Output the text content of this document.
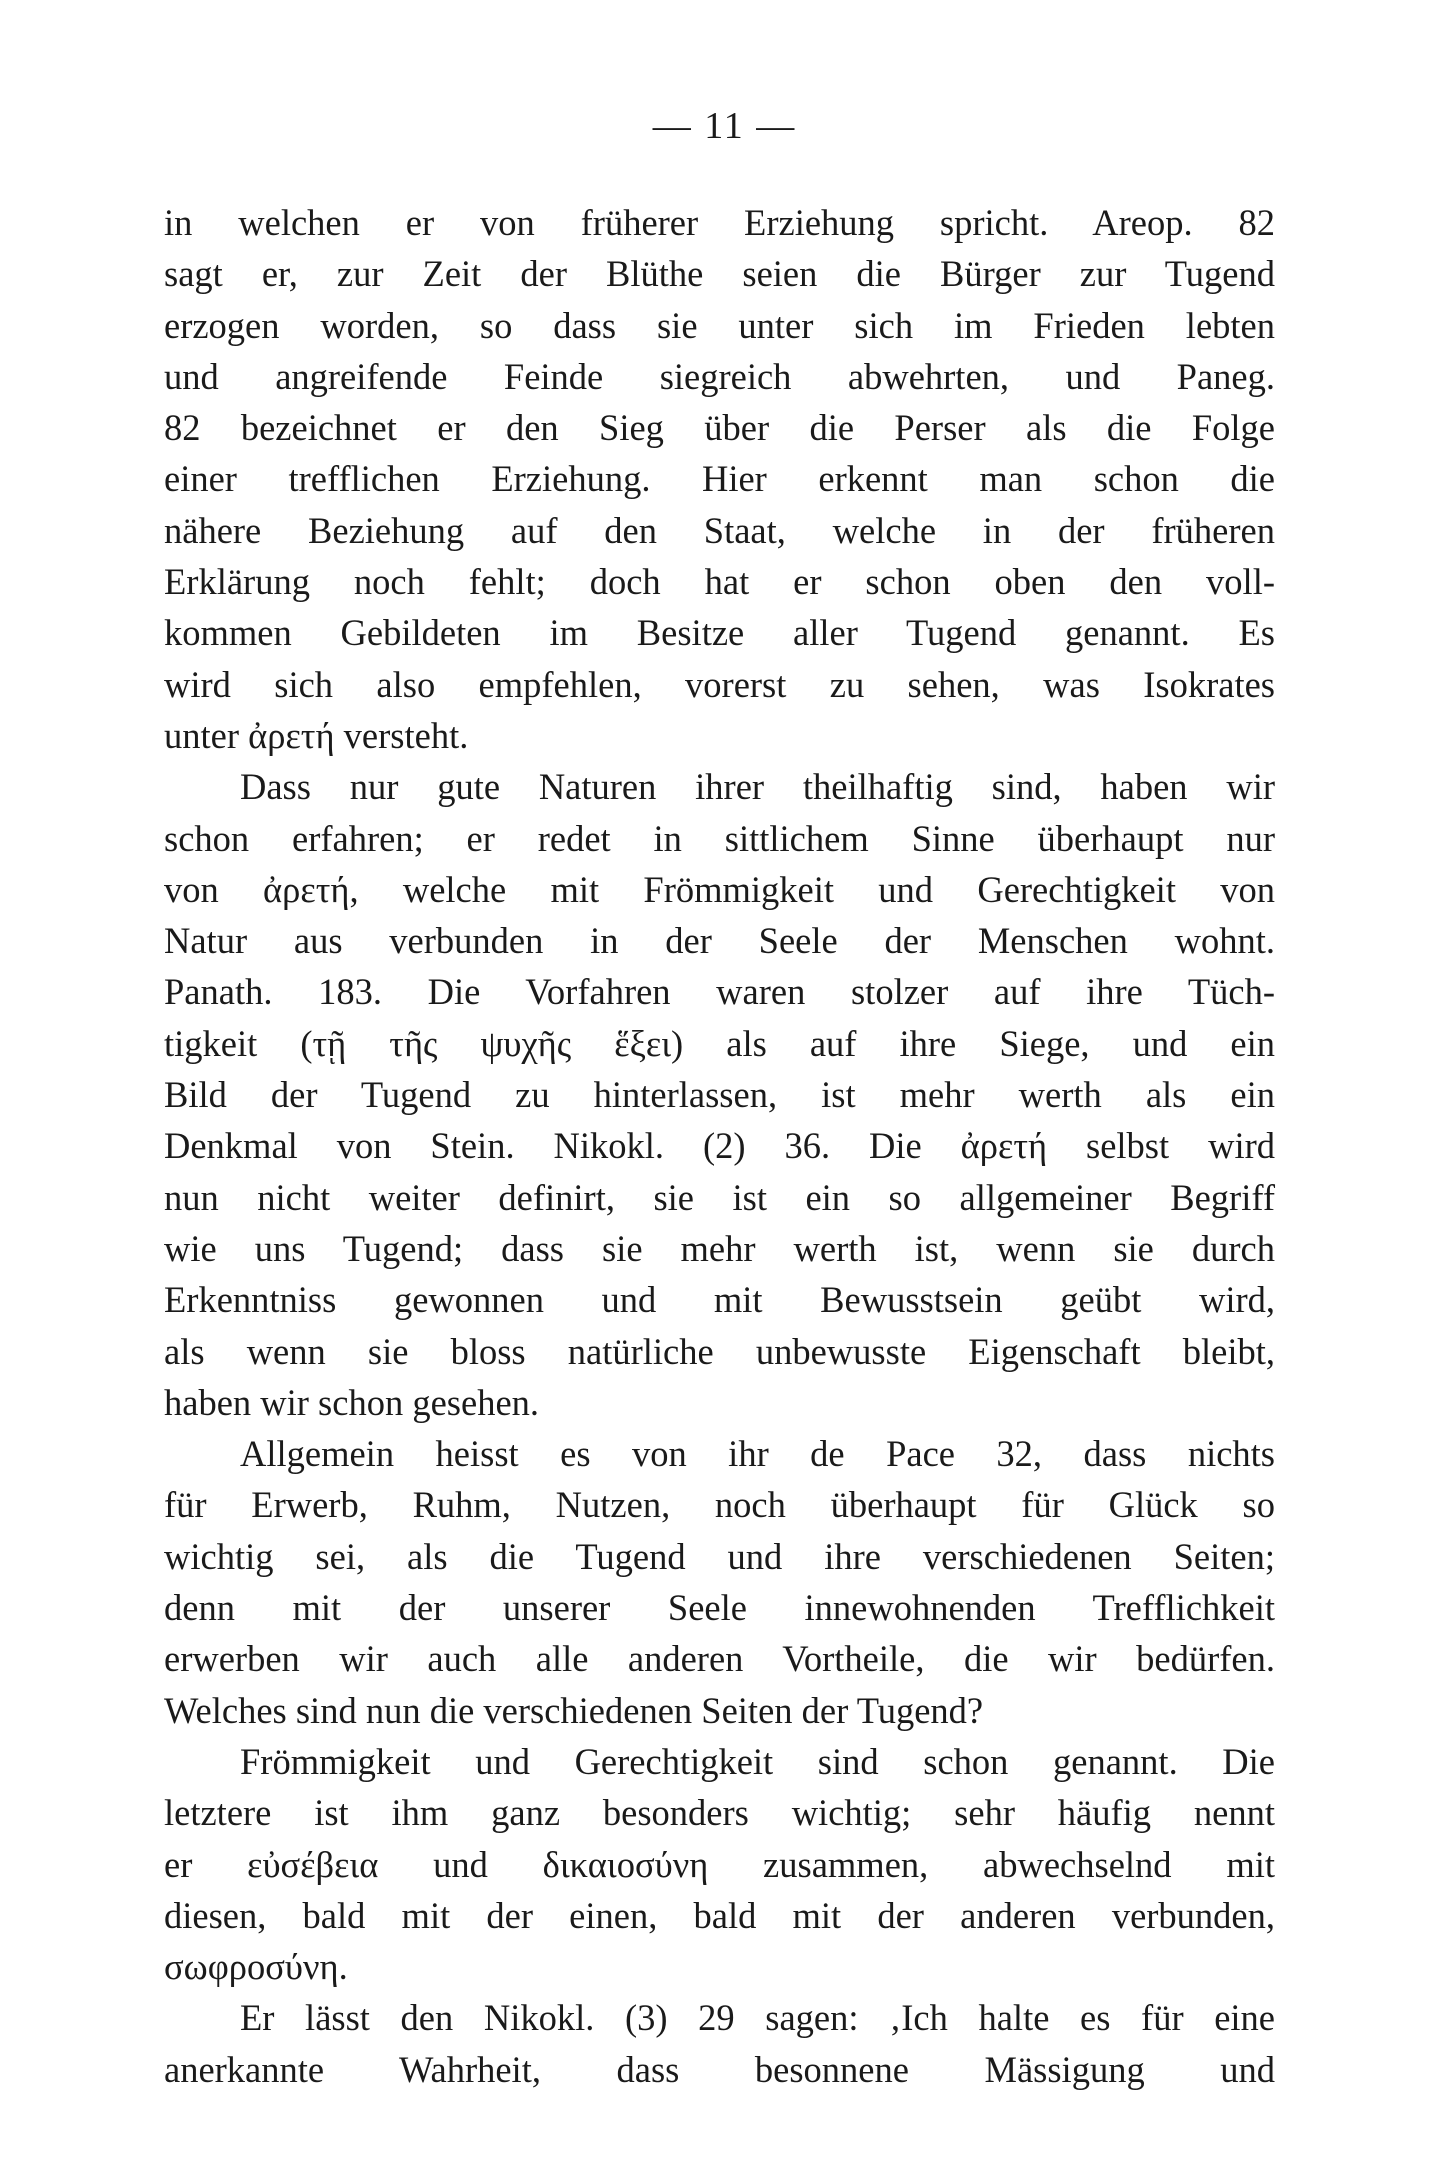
— 11 —
in welchen er von früherer Erziehung spricht. Areop. 82
sagt er, zur Zeit der Blüthe seien die Bürger zur Tugend
erzogen worden, so dass sie unter sich im Frieden lebten
und angreifende Feinde siegreich abwehrten, und Paneg.
82 bezeichnet er den Sieg über die Perser als die Folge
einer trefflichen Erziehung. Hier erkennt man schon die
nähere Beziehung auf den Staat, welche in der früheren
Erklärung noch fehlt; doch hat er schon oben den voll-
kommen Gebildeten im Besitze aller Tugend genannt. Es
wird sich also empfehlen, vorerst zu sehen, was Isokrates
unter ἀρετή versteht.
Dass nur gute Naturen ihrer theilhaftig sind, haben wir
schon erfahren; er redet in sittlichem Sinne überhaupt nur
von ἀρετή, welche mit Frömmigkeit und Gerechtigkeit von
Natur aus verbunden in der Seele der Menschen wohnt.
Panath. 183. Die Vorfahren waren stolzer auf ihre Tüch-
tigkeit (τῇ τῆς ψυχῆς ἕξει) als auf ihre Siege, und ein
Bild der Tugend zu hinterlassen, ist mehr werth als ein
Denkmal von Stein. Nikokl. (2) 36. Die ἀρετή selbst wird
nun nicht weiter definirt, sie ist ein so allgemeiner Begriff
wie uns Tugend; dass sie mehr werth ist, wenn sie durch
Erkenntniss gewonnen und mit Bewusstsein geübt wird,
als wenn sie bloss natürliche unbewusste Eigenschaft bleibt,
haben wir schon gesehen.
Allgemein heisst es von ihr de Pace 32, dass nichts
für Erwerb, Ruhm, Nutzen, noch überhaupt für Glück so
wichtig sei, als die Tugend und ihre verschiedenen Seiten;
denn mit der unserer Seele innewohnenden Trefflichkeit
erwerben wir auch alle anderen Vortheile, die wir bedürfen.
Welches sind nun die verschiedenen Seiten der Tugend?
Frömmigkeit und Gerechtigkeit sind schon genannt. Die
letztere ist ihm ganz besonders wichtig; sehr häufig nennt
er εὐσέβεια und δικαιοσύνη zusammen, abwechselnd mit
diesen, bald mit der einen, bald mit der anderen verbunden,
σωφροσύνη.
Er lässt den Nikokl. (3) 29 sagen: ‚Ich halte es für eine
anerkannte Wahrheit, dass besonnene Mässigung und
